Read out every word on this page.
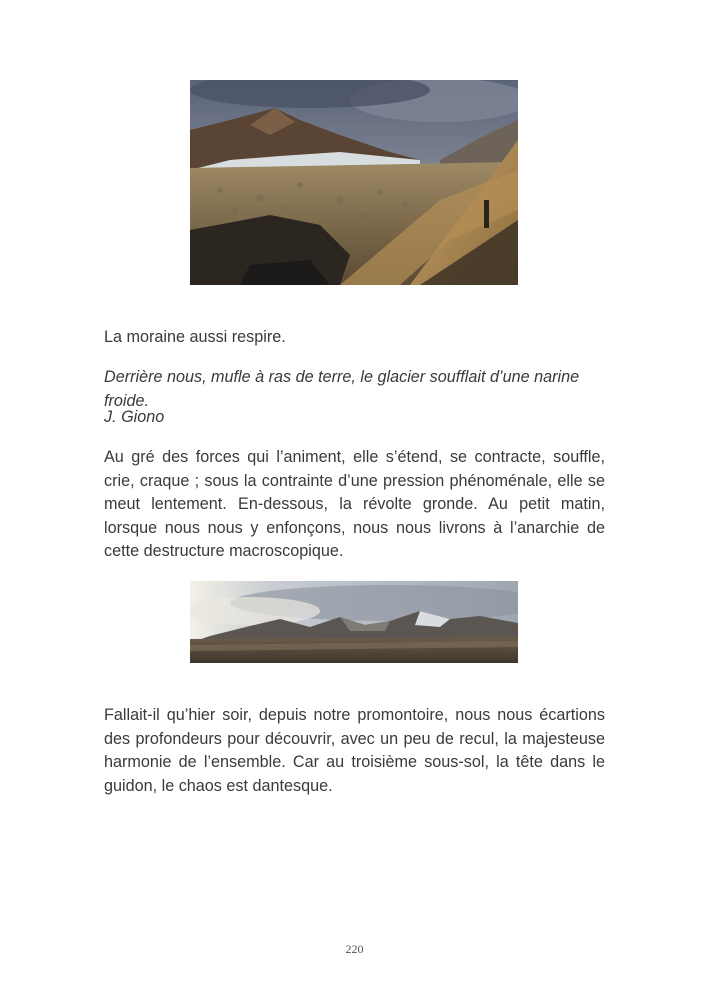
La moraine aussi respire.

Derrière nous, mufle à ras de terre, le glacier soufflait d’une narine froide.

J. Giono

Au gré des forces qui l’animent, elle s’étend, se contracte, souffle, crie, craque ; sous la contrainte d’une pression phénoménale, elle se meut lentement. En-dessous, la révolte gronde. Au petit matin, lorsque nous nous y enfonçons, nous nous livrons à l’anarchie de cette destructure macroscopique.

Fallait-il qu’hier soir, depuis notre promontoire, nous nous écartions des profondeurs pour découvrir, avec un peu de recul, la majesteuse harmonie de l’ensemble. Car au troisième sous-sol, la tête dans le guidon, le chaos est dantesque.

220
